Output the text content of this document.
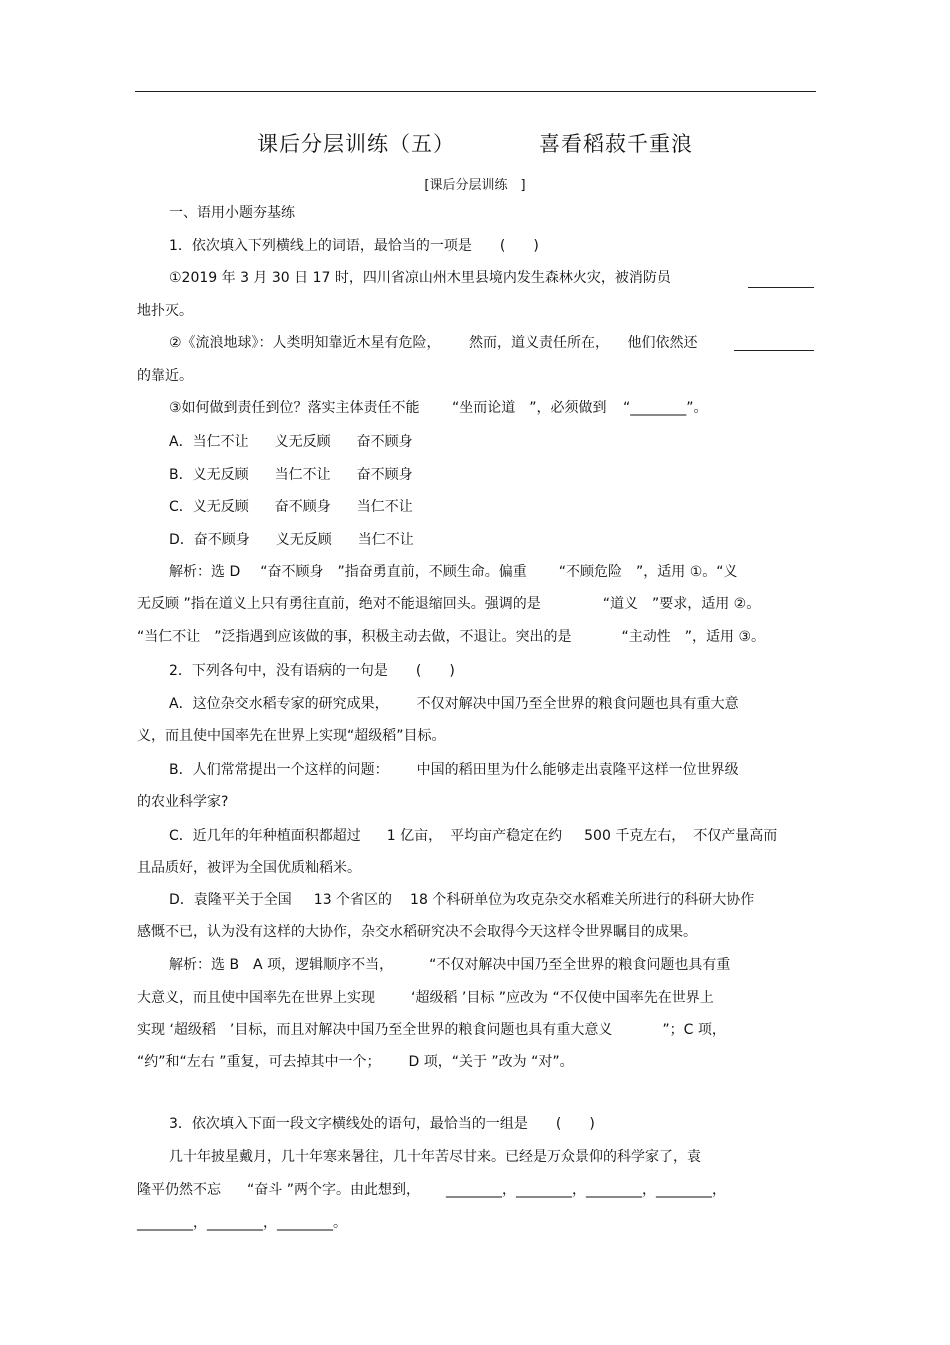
课后分层训练（五）	喜看稻菽千重浪
[课后分层训练　]
一、语用小题夯基练
1．依次填入下列横线上的词语，最恰当的一项是　　(　　)
①2019 年 3 月 30 日 17 时，四川省凉山州木里县境内发生森林火灾，被消防员
地扑灭。
②《流浪地球》：人类明知靠近木星有危险， 然而，道义责任所在， 他们依然还
的靠近。
③如何做到责任到位？落实主体责任不能 “坐而论道　”，必须做到 “________”。
A．当仁不让 义无反顾 奋不顾身
B．义无反顾 当仁不让 奋不顾身
C．义无反顾 奋不顾身 当仁不让
D．奋不顾身 义无反顾 当仁不让
解析：选 D “奋不顾身　”指奋勇直前，不顾生命。偏重 “不顾危险　”，适用 ①。“义
无反顾 ”指在道义上只有勇往直前，绝对不能退缩回头。强调的是	“道义　”要求，适用 ②。
“当仁不让　”泛指遇到应该做的事，积极主动去做，不退让。突出的是	“主动性　”，适用 ③。
2．下列各句中，没有语病的一句是　　(　　)
A．这位杂交水稻专家的研究成果， 不仅对解决中国乃至全世界的粮食问题也具有重大意
义，而且使中国率先在世界上实现“超级稻”目标。
B．人们常常提出一个这样的问题： 中国的稻田里为什么能够走出袁隆平这样一位世界级
的农业科学家?
C．近几年的年种植面积都超过 1 亿亩， 平均亩产稳定在约 500 千克左右， 不仅产量高而
且品质好，被评为全国优质籼稻米。
D．袁隆平关于全国 13 个省区的 18 个科研单位为攻克杂交水稻难关所进行的科研大协作
感慨不已，认为没有这样的大协作，杂交水稻研究决不会取得今天这样令世界瞩目的成果。
解析：选 B　A 项，逻辑顺序不当，	“不仅对解决中国乃至全世界的粮食问题也具有重
大意义，而且使中国率先在世界上实现	‘超级稻 ’目标 ”应改为 “不仅使中国率先在世界上
实现 ‘超级稻　’目标，而且对解决中国乃至全世界的粮食问题也具有重大意义	”；C 项，
“约”和“左右 ”重复，可去掉其中一个； D 项，“关于 ”改为 “对”。
3．依次填入下面一段文字横线处的语句，最恰当的一组是　　(　　)
几十年披星戴月，几十年寒来暑往，几十年苦尽甘来。已经是万众景仰的科学家了，袁
隆平仍然不忘 “奋斗 ”两个字。由此想到， ________，________，________，________，
________，________，________。
